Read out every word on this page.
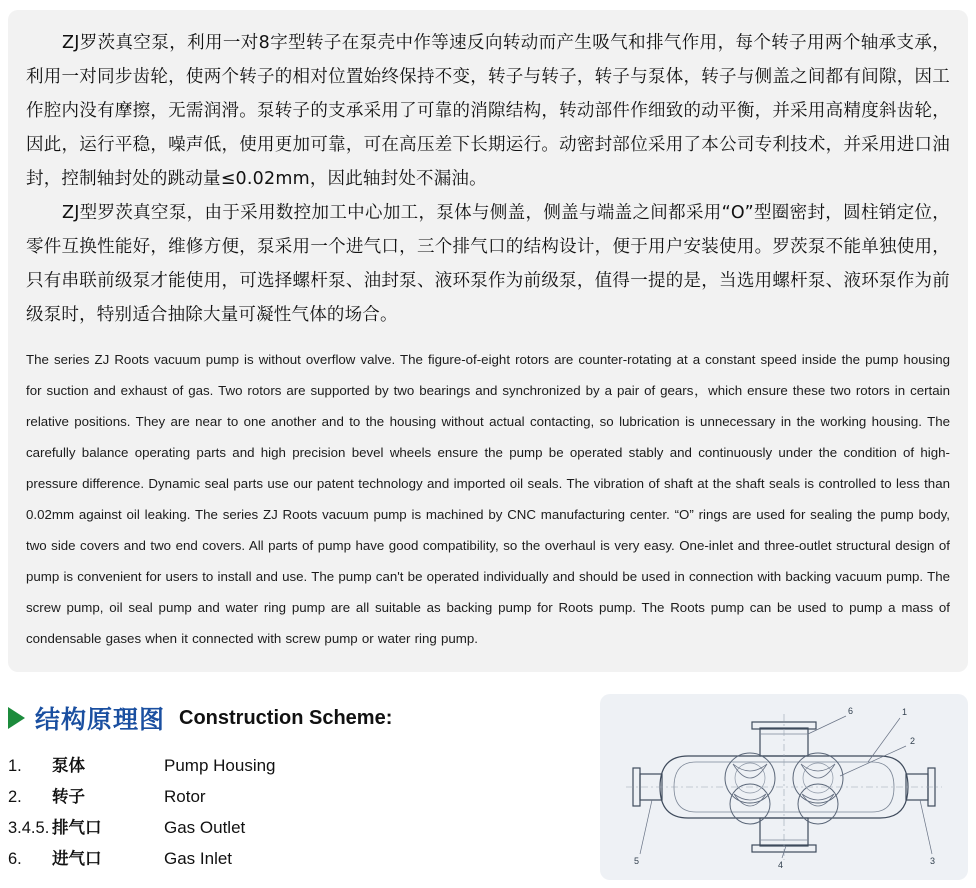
ZJ罗茨真空泵，利用一对8字型转子在泵壳中作等速反向转动而产生吸气和排气作用，每个转子用两个轴承支承，利用一对同步齿轮，使两个转子的相对位置始终保持不变，转子与转子，转子与泵体，转子与侧盖之间都有间隙，因工作腔内没有摩擦，无需润滑。泵转子的支承采用了可靠的消隙结构，转动部件作细致的动平衡，并采用高精度斜齿轮，因此，运行平稳，噪声低，使用更加可靠，可在高压差下长期运行。动密封部位采用了本公司专利技术，并采用进口油封，控制轴封处的跳动量≤0.02mm，因此轴封处不漏油。

ZJ型罗茨真空泵，由于采用数控加工中心加工，泵体与侧盖，侧盖与端盖之间都采用“O”型圈密封，圆柱销定位，零件互换性能好，维修方便，泵采用一个进气口，三个排气口的结构设计，便于用户安装使用。罗茨泵不能单独使用，只有串联前级泵才能使用，可选择螺杆泵、油封泵、液环泵作为前级泵，值得一提的是，当选用螺杆泵、液环泵作为前级泵时，特别适合抽除大量可凝性气体的场合。

The series ZJ Roots vacuum pump is without overflow valve. The figure-of-eight rotors are counter-rotating at a constant speed inside the pump housing for suction and exhaust of gas. Two rotors are supported by two bearings and synchronized by a pair of gears，which ensure these two rotors in certain relative positions. They are near to one another and to the housing without actual contacting, so lubrication is unnecessary in the working housing. The carefully balance operating parts and high precision bevel wheels ensure the pump be operated stably and continuously under the condition of high-pressure difference. Dynamic seal parts use our patent technology and imported oil seals. The vibration of shaft at the shaft seals is controlled to less than 0.02mm against oil leaking. The series ZJ Roots vacuum pump is machined by CNC manufacturing center. “O” rings are used for sealing the pump body, two side covers and two end covers. All parts of pump have good compatibility, so the overhaul is very easy. One-inlet and three-outlet structural design of pump is convenient for users to install and use. The pump can't be operated individually and should be used in connection with backing vacuum pump. The screw pump, oil seal pump and water ring pump are all suitable as backing pump for Roots pump. The Roots pump can be used to pump a mass of condensable gases when it connected with screw pump or water ring pump.

结构原理图 Construction Scheme:
1.	泵体	Pump Housing
2.	转子	Rotor
3.4.5. 排气口	Gas Outlet
6.	进气口	Gas Inlet
6	1
2
5	4	3
